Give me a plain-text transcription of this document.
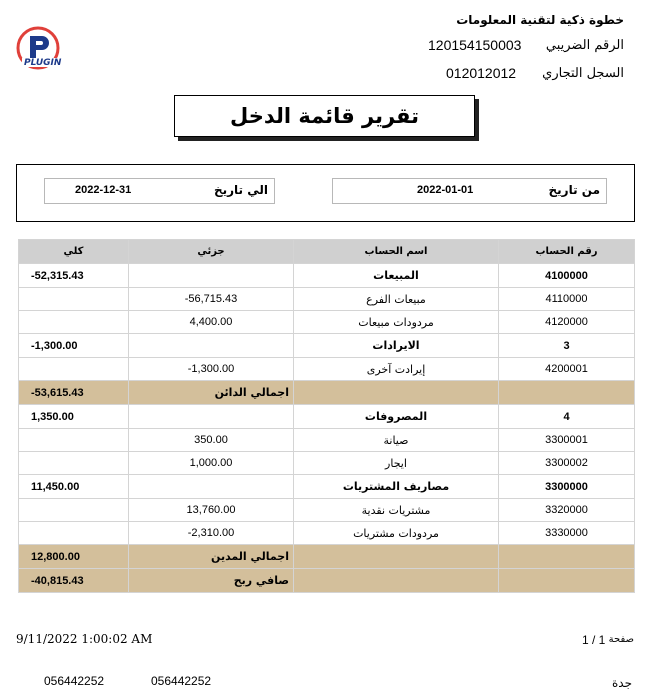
خطوة ذكية لتقنية المعلومات
الرقم الضريبي
120154150003
السجل التجاري
012012012
PLUGIN
تقرير قائمة الدخل
من تاريخ
2022-01-01
الي تاريخ
2022-12-31
كلي	جزئي	اسم الحساب	رقم الحساب
-52,315.43		المبيعات	4100000
	-56,715.43	مبيعات الفرع	4110000
	4,400.00	مردودات مبيعات	4120000
-1,300.00		الايرادات	3
	-1,300.00	إيرادت آخرى	4200001
-53,615.43	اجمالي الدائن		
1,350.00		المصروفات	4
	350.00	صيانة	3300001
	1,000.00	ايجار	3300002
11,450.00		مصاريف المشتريات	3300000
	13,760.00	مشتريات نقدية	3320000
	-2,310.00	مردودات مشتريات	3330000
12,800.00	اجمالي المدين		
-40,815.43	صافي ربح		
9/11/2022 1:00:02 AM	صفحة
1 / 1
056442252	056442252	جدة
